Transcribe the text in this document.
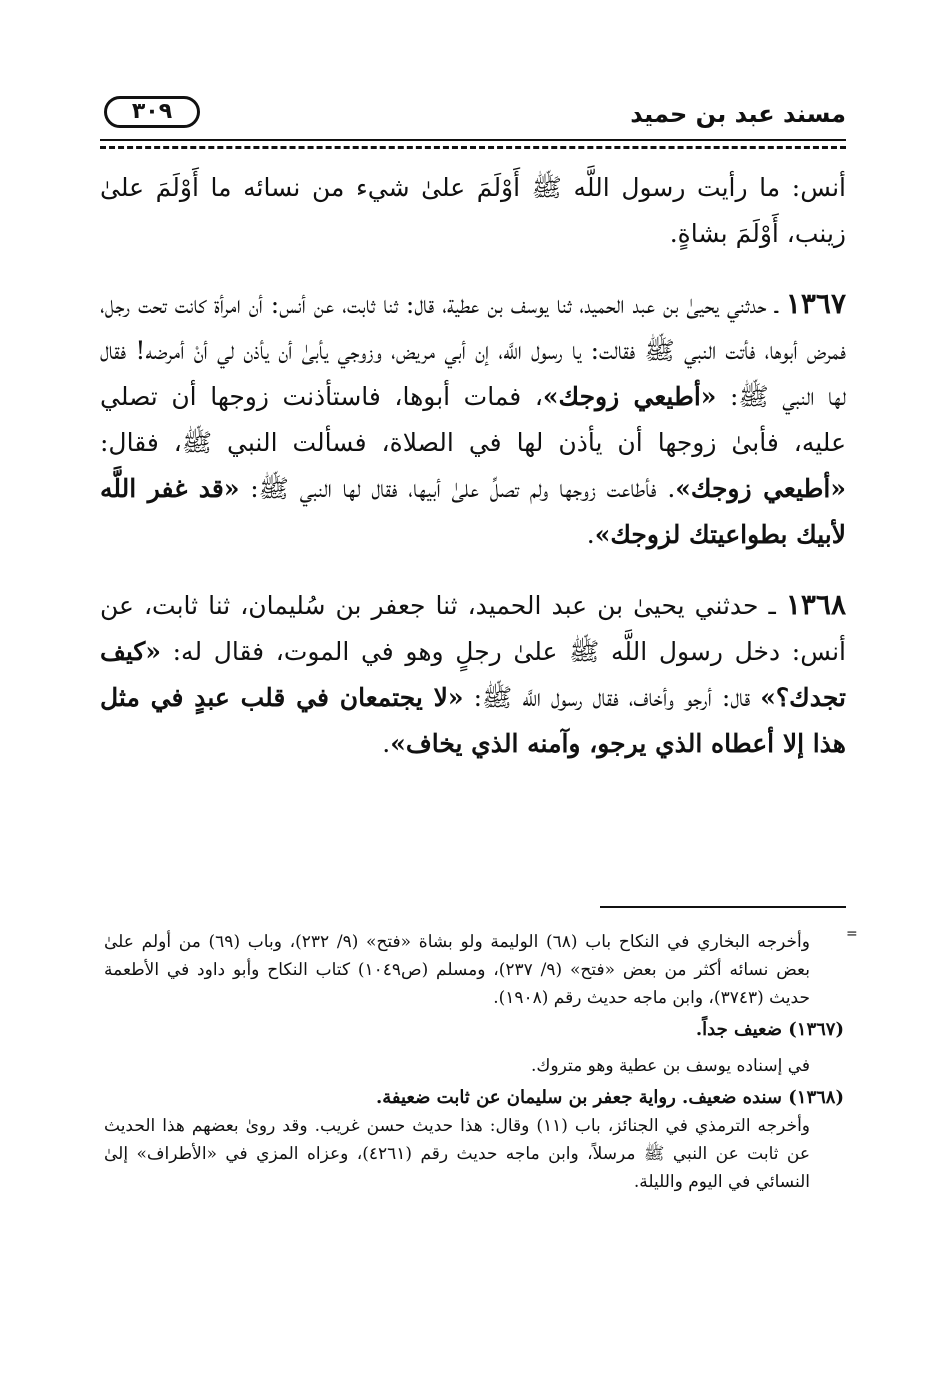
مسند عبد بن حميد
٣٠٩

أنس: ما رأيت رسول اللَّه ﷺ أَوْلَمَ علىٰ شيء من نسائه ما أَوْلَمَ علىٰ زينب، أَوْلَمَ بشاةٍ.

١٣٦٧ ـ حدثني يحيىٰ بن عبد الحميد، ثنا يوسف بن عطية، قال: ثنا ثابت، عن أنس: أن امرأة كانت تحت رجل، فمرض أبوها، فأتت النبي ﷺ فقالت: يا رسول اللَّه، إن أبي مريض، وزوجي يأبىٰ أن يأذن لي أنْ أمرضه! فقال لها النبي ﷺ: «أطيعي زوجك»، فمات أبوها، فاستأذنت زوجها أن تصلي عليه، فأبىٰ زوجها أن يأذن لها في الصلاة، فسألت النبي ﷺ، فقال: «أطيعي زوجك». فأطاعت زوجها ولم تصلِّ علىٰ أبيها، فقال لها النبي ﷺ: «قد غفر اللَّه لأبيك بطواعيتك لزوجك».

١٣٦٨ ـ حدثني يحيىٰ بن عبد الحميد، ثنا جعفر بن سُليمان، ثنا ثابت، عن أنس: دخل رسول اللَّه ﷺ علىٰ رجلٍ وهو في الموت، فقال له: «كيف تجدك؟» قال: أرجو وأخاف، فقال رسول اللَّه ﷺ: «لا يجتمعان في قلب عبدٍ في مثل هذا إلا أعطاه الذي يرجو، وآمنه الذي يخاف».

=

وأخرجه البخاري في النكاح باب (٦٨) الوليمة ولو بشاة «فتح» (٩/ ٢٣٢)، وباب (٦٩) من أولم علىٰ بعض نسائه أكثر من بعض «فتح» (٩/ ٢٣٧)، ومسلم (ص١٠٤٩) كتاب النكاح وأبو داود في الأطعمة حديث (٣٧٤٣)، وابن ماجه حديث رقم (١٩٠٨).

(١٣٦٧) ضعيف جداً.

في إسناده يوسف بن عطية وهو متروك.

(١٣٦٨) سنده ضعيف. رواية جعفر بن سليمان عن ثابت ضعيفة.

وأخرجه الترمذي في الجنائز، باب (١١) وقال: هذا حديث حسن غريب. وقد روىٰ بعضهم هذا الحديث عن ثابت عن النبي ﷺ مرسلاً، وابن ماجه حديث رقم (٤٢٦١)، وعزاه المزي في «الأطراف» إلىٰ النسائي في اليوم والليلة.
